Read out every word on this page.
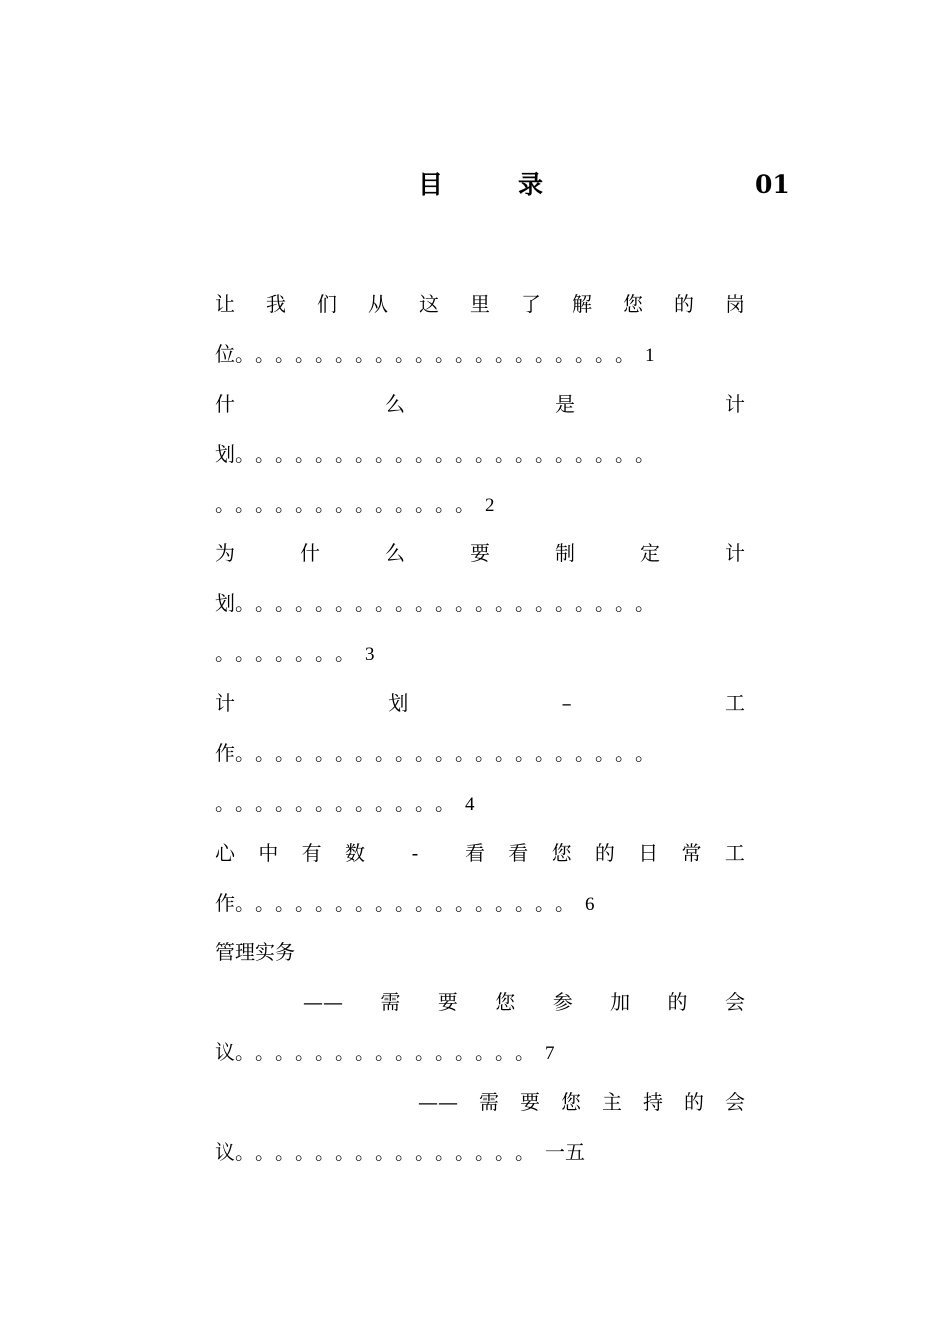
目	录	01
让 我 们 从 这 里 了 解 您 的 岗
位。。。。。。。。。。。。。。。。。。。。1
什	么	是	计
划。。。。。。。。。。。。。。。。。。。。。
。。。。。。。。。。。。。2
为	什	么	要	制	定	计
划。。。。。。。。。。。。。。。。。。。。。
。。。。。。。3
计	划	–	工
作。。。。。。。。。。。。。。。。。。。。。
。。。。。。。。。。。。4
心 中 有 数 - 看 看 您 的 日 常 工
作。。。。。。。。。。。。。。。。。6
管理实务
—— 需 要 您 参 加 的 会
议。。。。。。。。。。。。。。。7
—— 需 要 您 主 持 的 会
议。。。。。。。。。。。。。。。一五
